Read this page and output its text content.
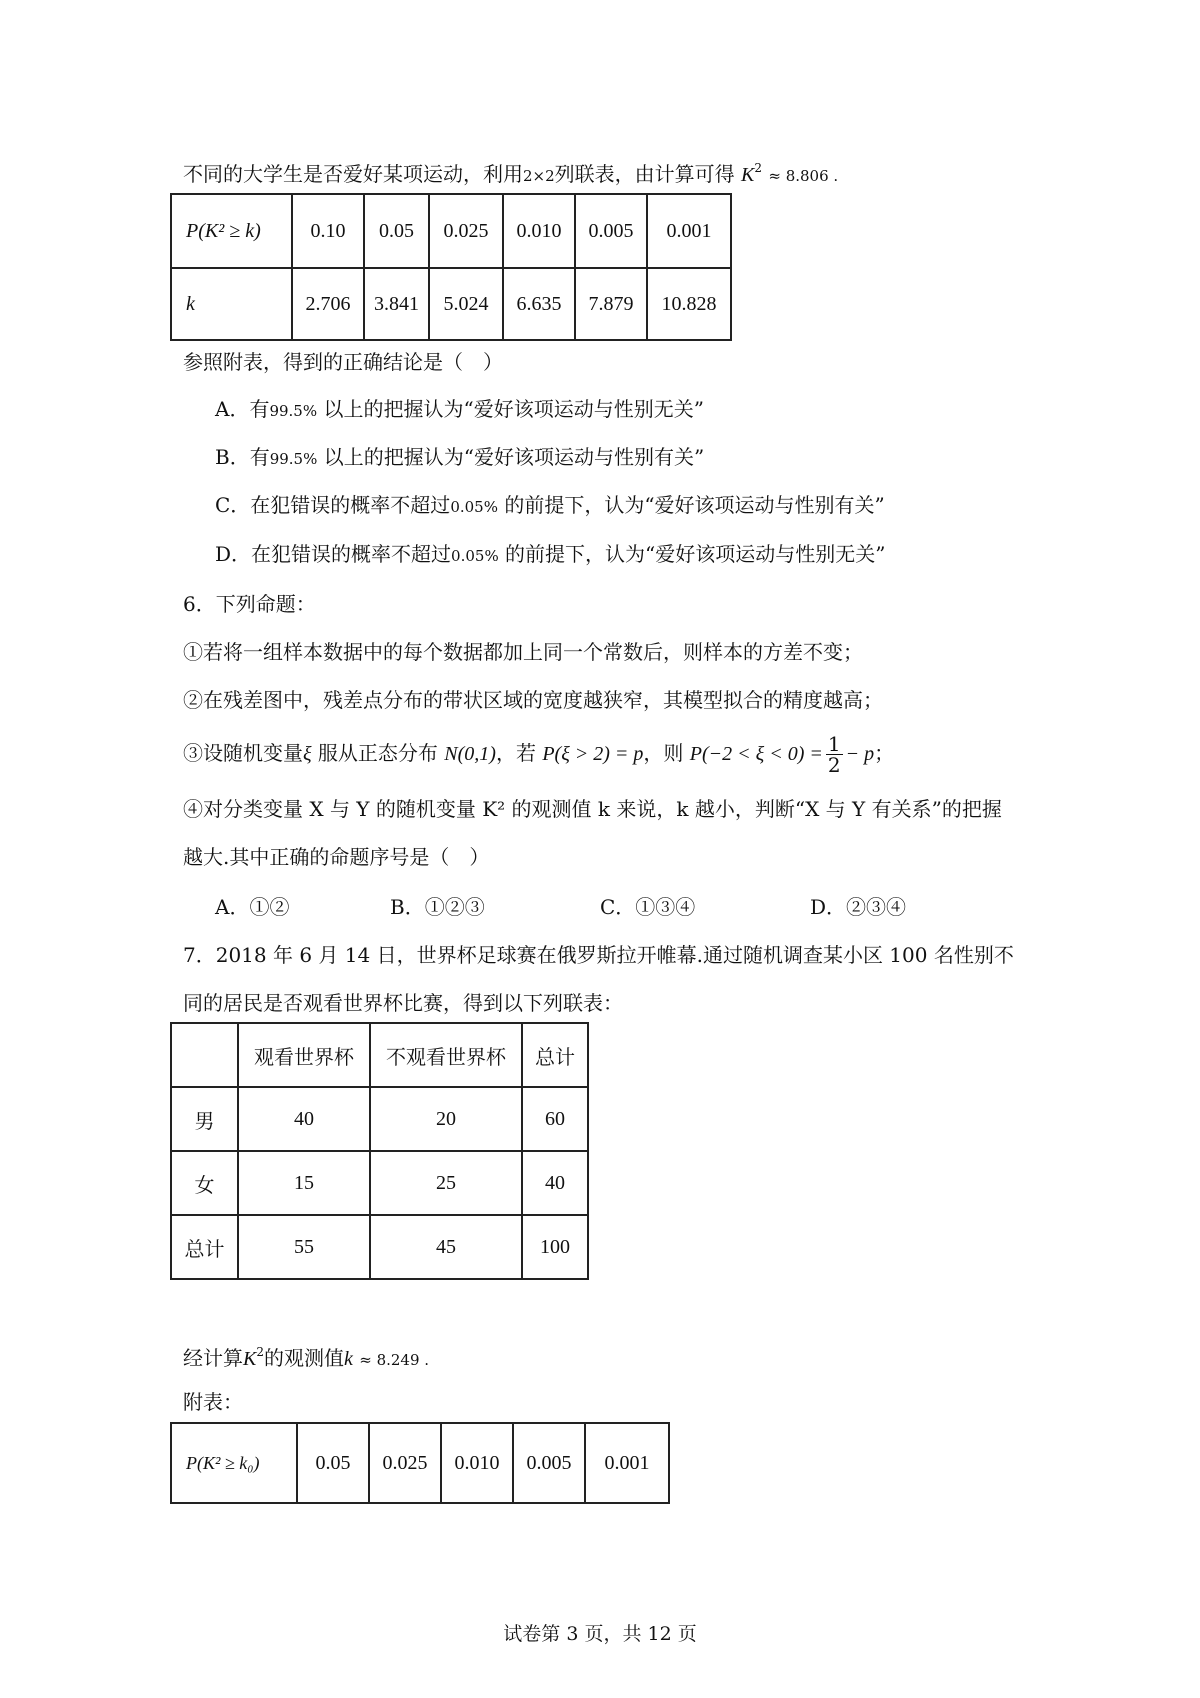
不同的大学生是否爱好某项运动，利用2×2列联表，由计算可得 $K^2 \approx 8.806$ .
P(K² ≥ k)	0.10	0.05	0.025	0.010	0.005	0.001
k	2.706	3.841	5.024	6.635	7.879	10.828
参照附表，得到的正确结论是（　）
A．有99.5% 以上的把握认为“爱好该项运动与性别无关”
B．有99.5% 以上的把握认为“爱好该项运动与性别有关”
C．在犯错误的概率不超过0.05% 的前提下，认为“爱好该项运动与性别有关”
D．在犯错误的概率不超过0.05% 的前提下，认为“爱好该项运动与性别无关”
6．下列命题：
①若将一组样本数据中的每个数据都加上同一个常数后，则样本的方差不变；
②在残差图中，残差点分布的带状区域的宽度越狭窄，其模型拟合的精度越高；
③设随机变量ξ 服从正态分布 N(0,1)，若 P(ξ > 2) = p，则 $P(-2 < \xi < 0) = \frac{1}{2} - p$；
④对分类变量 X 与 Y 的随机变量 K² 的观测值 k 来说，k 越小，判断“X 与 Y 有关系”的把握
越大.其中正确的命题序号是（　）
A．①②	B．①②③	C．①③④	D．②③④
7．2018 年 6 月 14 日，世界杯足球赛在俄罗斯拉开帷幕.通过随机调查某小区 100 名性别不
同的居民是否观看世界杯比赛，得到以下列联表：
	观看世界杯	不观看世界杯	总计
男	40	20	60
女	15	25	40
总计	55	45	100
经计算$K^2$的观测值k ≈ 8.249 .
附表：
P(K² ≥ k₀)	0.05	0.025	0.010	0.005	0.001
试卷第 3 页，共 12 页
